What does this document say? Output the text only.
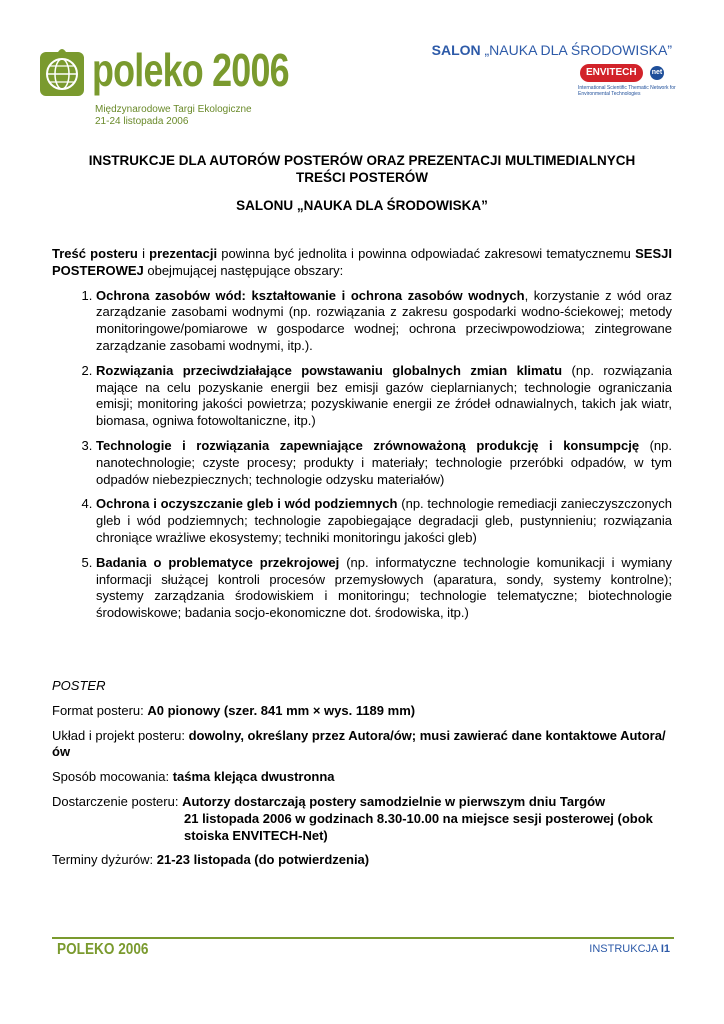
poleko 2006
Międzynarodowe Targi Ekologiczne
21-24 listopada 2006
SALON „NAUKA DLA ŚRODOWISKA”
ENVITECH	net
International Scientific Thematic Network for Environmental Technologies
INSTRUKCJE DLA AUTORÓW POSTERÓW ORAZ PREZENTACJI MULTIMEDIALNYCH
TREŚCI POSTERÓW
SALONU „NAUKA DLA ŚRODOWISKA”

Treść posteru i prezentacji powinna być jednolita i powinna odpowiadać zakresowi tematycznemu SESJI POSTEROWEJ obejmującej następujące obszary:

1. Ochrona zasobów wód: kształtowanie i ochrona zasobów wodnych, korzystanie z wód oraz zarządzanie zasobami wodnymi (np. rozwiązania z zakresu gospodarki wodno-ściekowej; metody monitoringowe/pomiarowe w gospodarce wodnej; ochrona przeciwpowodziowa; zintegrowane zarządzanie zasobami wodnymi, itp.).
2. Rozwiązania przeciwdziałające powstawaniu globalnych zmian klimatu (np. rozwiązania mające na celu pozyskanie energii bez emisji gazów cieplarnianych; technologie ograniczania emisji; monitoring jakości powietrza; pozyskiwanie energii ze źródeł odnawialnych, takich jak wiatr, biomasa, ogniwa fotowoltaniczne, itp.)
3. Technologie i rozwiązania zapewniające zrównoważoną produkcję i konsumpcję (np. nanotechnologie; czyste procesy; produkty i materiały; technologie przeróbki odpadów, w tym odpadów niebezpiecznych; technologie odzysku materiałów)
4. Ochrona i oczyszczanie gleb i wód podziemnych (np. technologie remediacji zanieczyszczonych gleb i wód podziemnych; technologie zapobiegające degradacji gleb, pustynnieniu; rozwiązania chroniące wrażliwe ekosystemy; techniki monitoringu jakości gleb)
5. Badania o problematyce przekrojowej (np. informatyczne technologie komunikacji i wymiany informacji służącej kontroli procesów przemysłowych (aparatura, sondy, systemy kontrolne); systemy zarządzania środowiskiem i monitoringu; technologie telematyczne; biotechnologie środowiskowe; badania socjo-ekonomiczne dot. środowiska, itp.)
POSTER
Format posteru: A0 pionowy (szer. 841 mm × wys. 1189 mm)
Układ i projekt posteru: dowolny, określany przez Autora/ów; musi zawierać dane kontaktowe Autora/ów
Sposób mocowania: taśma klejąca dwustronna
Dostarczenie posteru: Autorzy dostarczają postery samodzielnie w pierwszym dniu Targów
21 listopada 2006 w godzinach 8.30-10.00 na miejsce sesji posterowej (obok stoiska ENVITECH-Net)
Terminy dyżurów: 21-23 listopada (do potwierdzenia)
POLEKO 2006	INSTRUKCJA I1
